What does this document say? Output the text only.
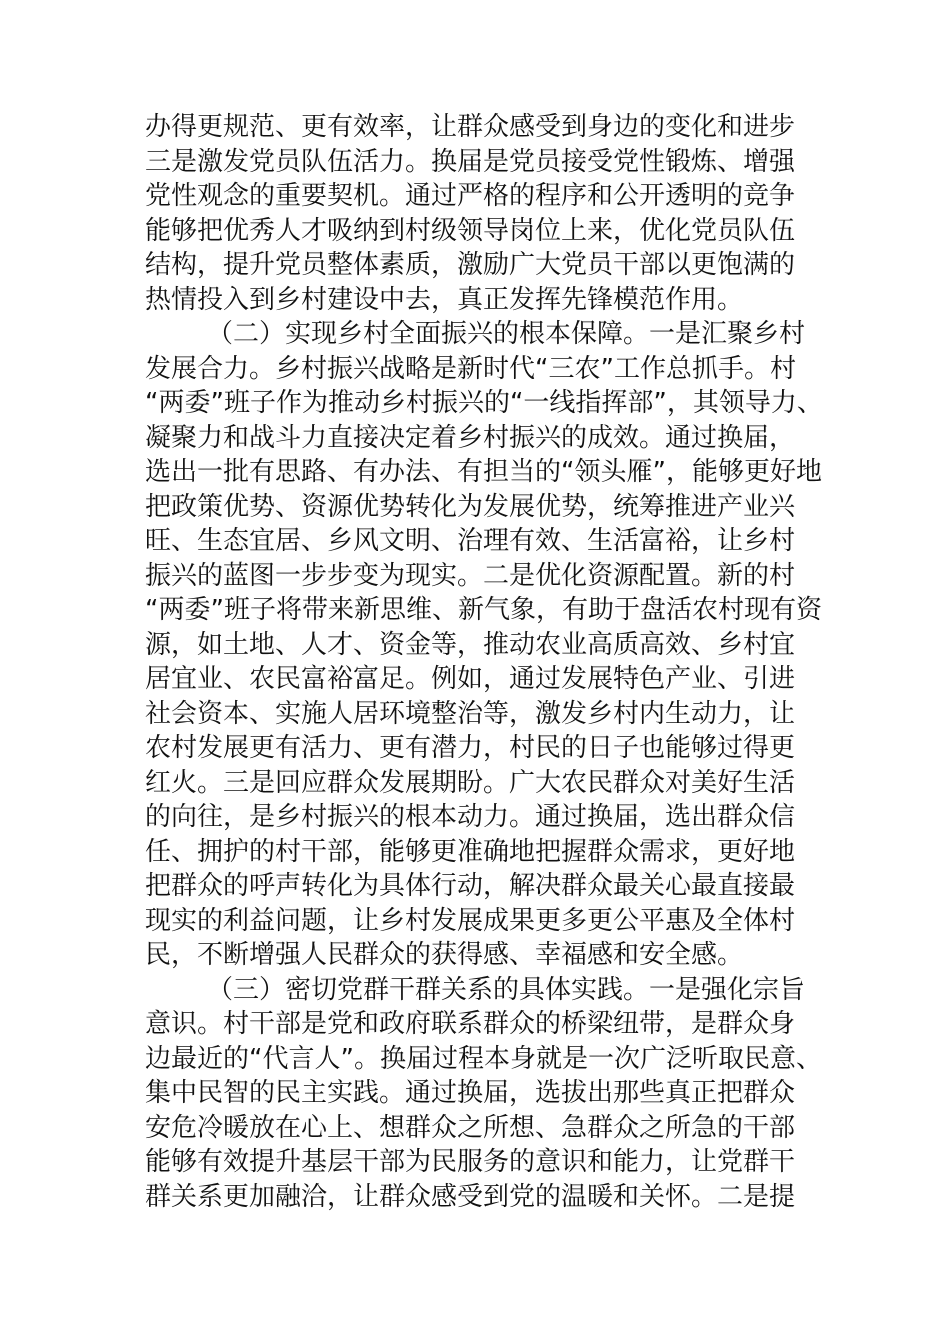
办得更规范、更有效率，让群众感受到身边的变化和进步
三是激发党员队伍活力。换届是党员接受党性锻炼、增强
党性观念的重要契机。通过严格的程序和公开透明的竞争
能够把优秀人才吸纳到村级领导岗位上来，优化党员队伍
结构，提升党员整体素质，激励广大党员干部以更饱满的
热情投入到乡村建设中去，真正发挥先锋模范作用。
（二）实现乡村全面振兴的根本保障。一是汇聚乡村
发展合力。乡村振兴战略是新时代“三农”工作总抓手。村
“两委”班子作为推动乡村振兴的“一线指挥部”，其领导力、
凝聚力和战斗力直接决定着乡村振兴的成效。通过换届，
选出一批有思路、有办法、有担当的“领头雁”，能够更好地
把政策优势、资源优势转化为发展优势，统筹推进产业兴
旺、生态宜居、乡风文明、治理有效、生活富裕，让乡村
振兴的蓝图一步步变为现实。二是优化资源配置。新的村
“两委”班子将带来新思维、新气象，有助于盘活农村现有资
源，如土地、人才、资金等，推动农业高质高效、乡村宜
居宜业、农民富裕富足。例如，通过发展特色产业、引进
社会资本、实施人居环境整治等，激发乡村内生动力，让
农村发展更有活力、更有潜力，村民的日子也能够过得更
红火。三是回应群众发展期盼。广大农民群众对美好生活
的向往，是乡村振兴的根本动力。通过换届，选出群众信
任、拥护的村干部，能够更准确地把握群众需求，更好地
把群众的呼声转化为具体行动，解决群众最关心最直接最
现实的利益问题，让乡村发展成果更多更公平惠及全体村
民，不断增强人民群众的获得感、幸福感和安全感。
（三）密切党群干群关系的具体实践。一是强化宗旨
意识。村干部是党和政府联系群众的桥梁纽带，是群众身
边最近的“代言人”。换届过程本身就是一次广泛听取民意、
集中民智的民主实践。通过换届，选拔出那些真正把群众
安危冷暖放在心上、想群众之所想、急群众之所急的干部
能够有效提升基层干部为民服务的意识和能力，让党群干
群关系更加融洽，让群众感受到党的温暖和关怀。二是提
